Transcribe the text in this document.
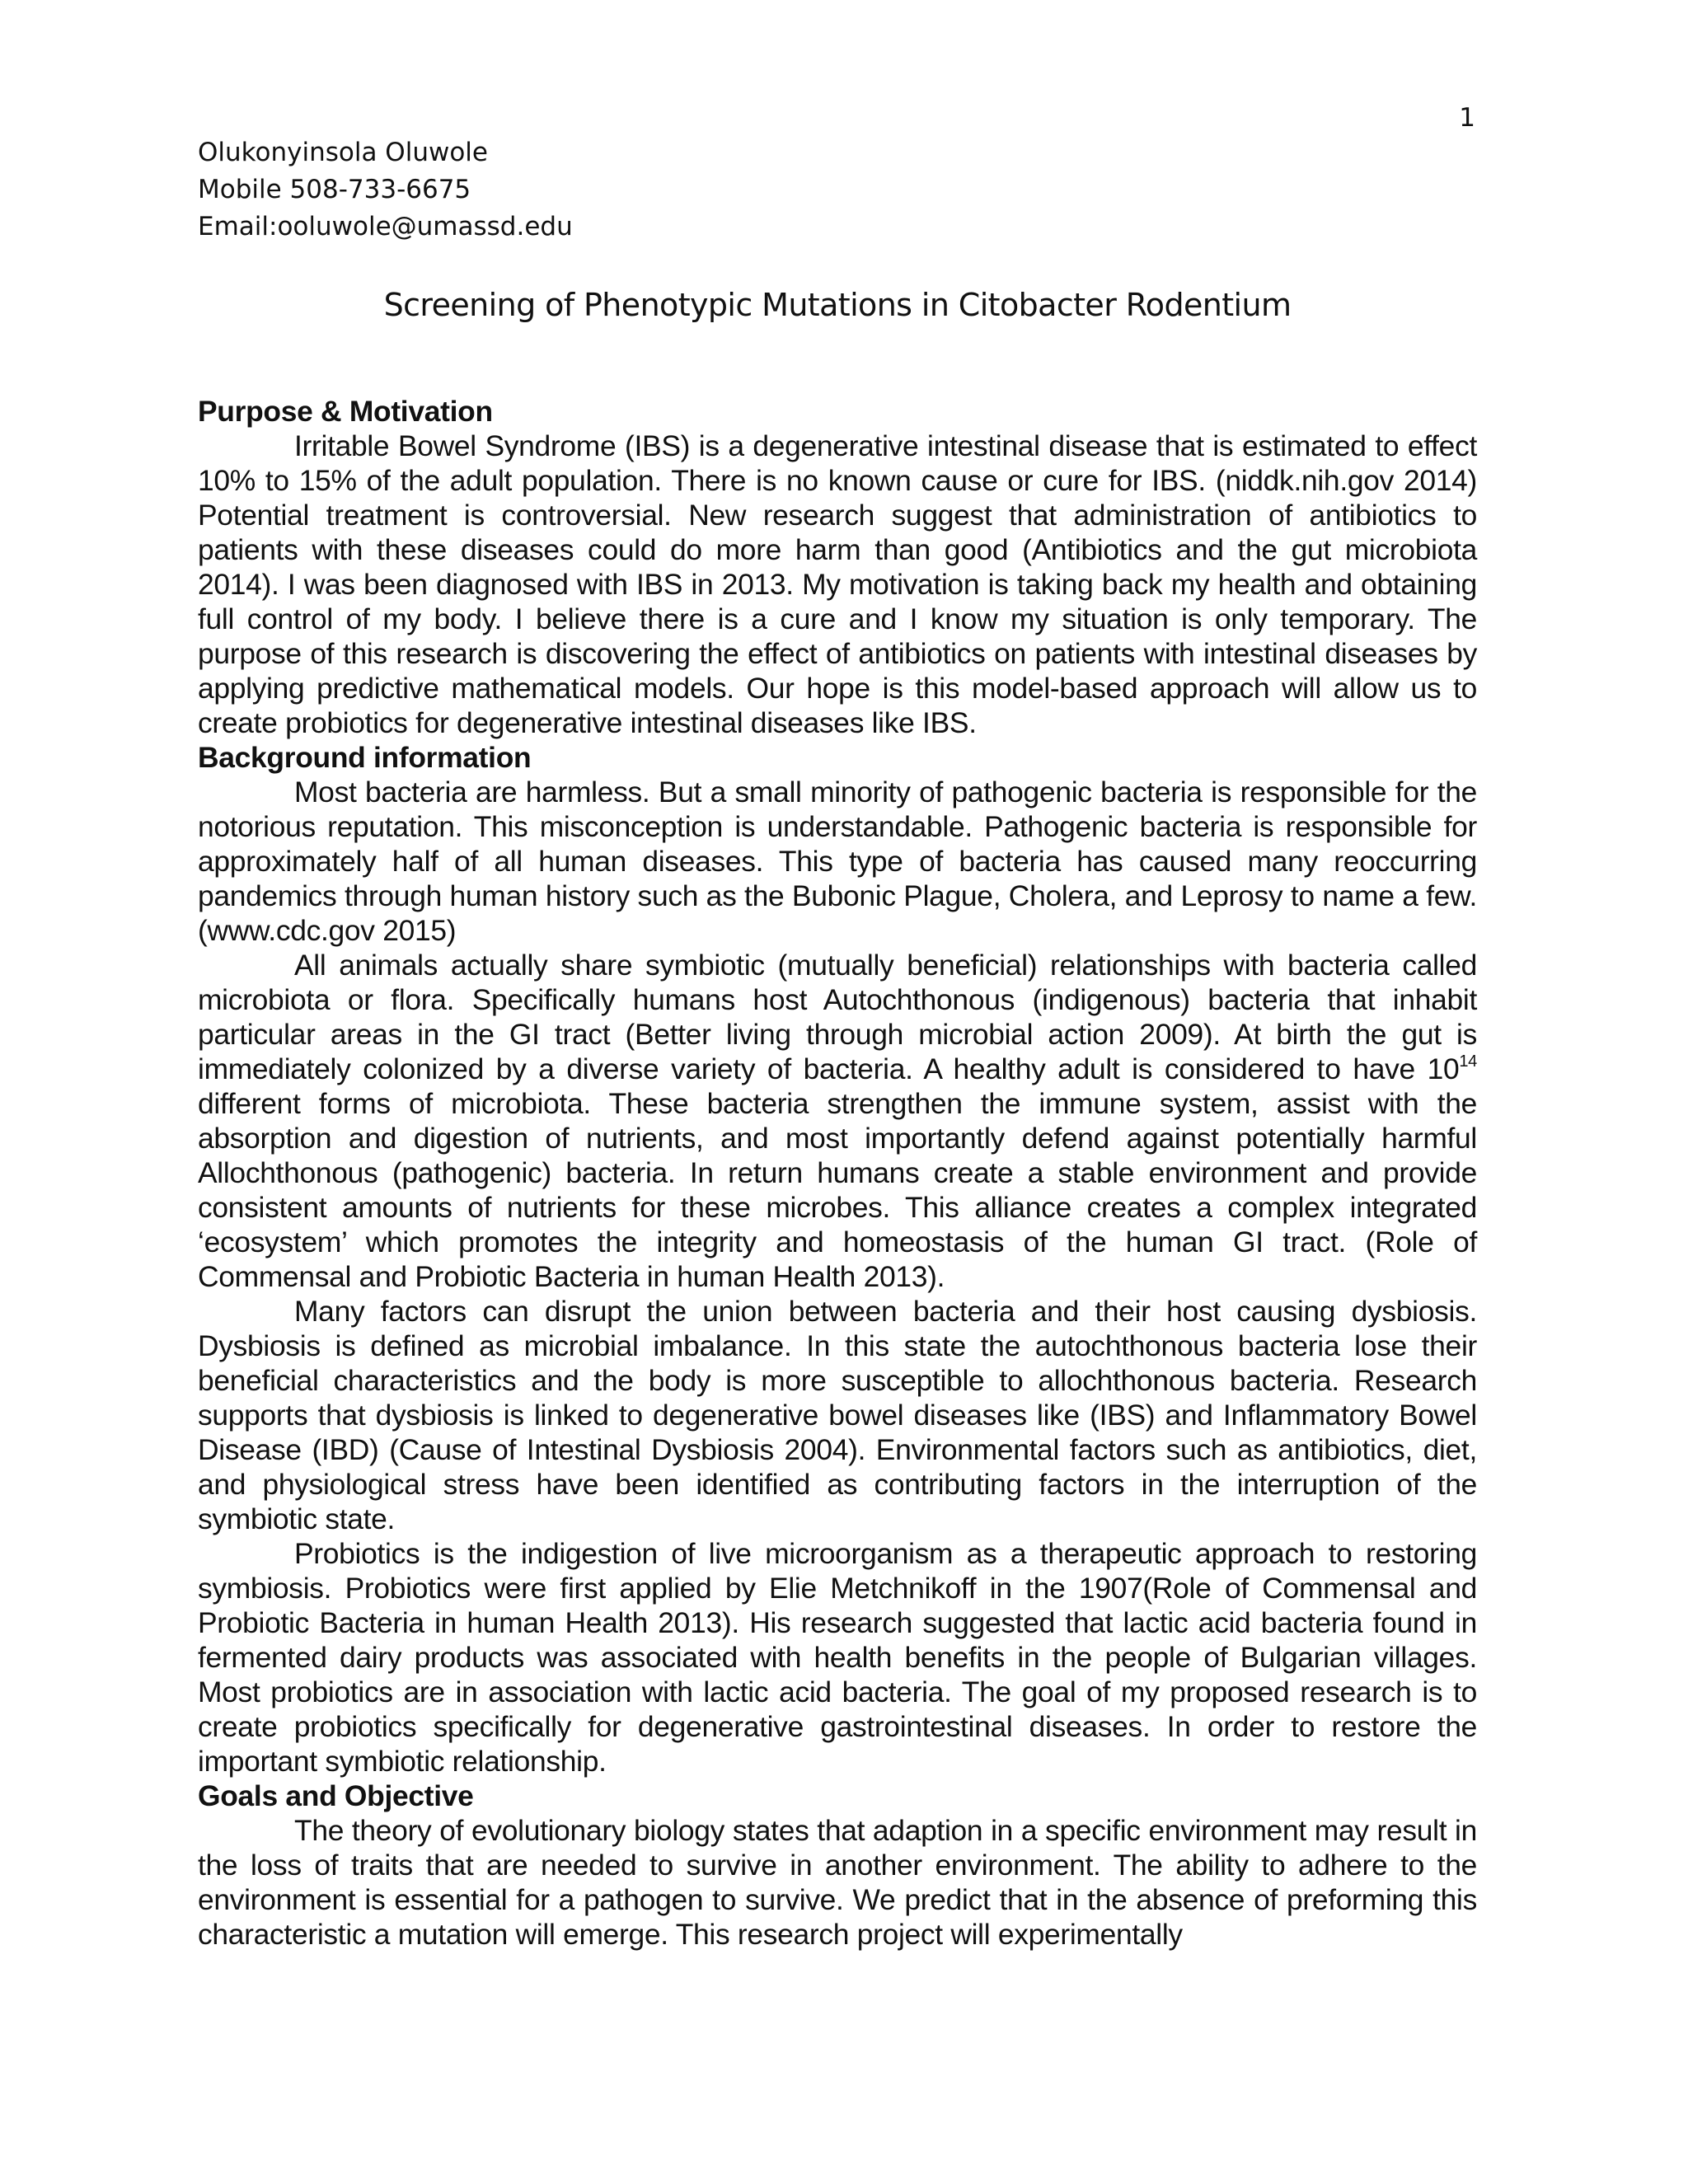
1
Olukonyinsola Oluwole
Mobile 508-733-6675
Email:ooluwole@umassd.edu
Screening of Phenotypic Mutations in Citobacter Rodentium
Purpose & Motivation

Irritable Bowel Syndrome (IBS) is a degenerative intestinal disease that is estimated to effect 10% to 15% of the adult population. There is no known cause or cure for IBS. (niddk.nih.gov 2014) Potential treatment is controversial. New research suggest that administration of antibiotics to patients with these diseases could do more harm than good (Antibiotics and the gut microbiota 2014). I was been diagnosed with IBS in 2013. My motivation is taking back my health and obtaining full control of my body. I believe there is a cure and I know my situation is only temporary. The purpose of this research is discovering the effect of antibiotics on patients with intestinal diseases by applying predictive mathematical models. Our hope is this model-based approach will allow us to create probiotics for degenerative intestinal diseases like IBS.

Background information

Most bacteria are harmless. But a small minority of pathogenic bacteria is responsible for the notorious reputation. This misconception is understandable. Pathogenic bacteria is responsible for approximately half of all human diseases. This type of bacteria has caused many reoccurring pandemics through human history such as the Bubonic Plague, Cholera, and Leprosy to name a few. (www.cdc.gov 2015)

All animals actually share symbiotic (mutually beneficial) relationships with bacteria called microbiota or flora. Specifically humans host Autochthonous (indigenous) bacteria that inhabit particular areas in the GI tract (Better living through microbial action 2009). At birth the gut is immediately colonized by a diverse variety of bacteria. A healthy adult is considered to have $10^{14}$ different forms of microbiota. These bacteria strengthen the immune system, assist with the absorption and digestion of nutrients, and most importantly defend against potentially harmful Allochthonous (pathogenic) bacteria. In return humans create a stable environment and provide consistent amounts of nutrients for these microbes. This alliance creates a complex integrated ‘ecosystem’ which promotes the integrity and homeostasis of the human GI tract. (Role of Commensal and Probiotic Bacteria in human Health 2013).

Many factors can disrupt the union between bacteria and their host causing dysbiosis. Dysbiosis is defined as microbial imbalance. In this state the autochthonous bacteria lose their beneficial characteristics and the body is more susceptible to allochthonous bacteria. Research supports that dysbiosis is linked to degenerative bowel diseases like (IBS) and Inflammatory Bowel Disease (IBD) (Cause of Intestinal Dysbiosis 2004). Environmental factors such as antibiotics, diet, and physiological stress have been identified as contributing factors in the interruption of the symbiotic state.

Probiotics is the indigestion of live microorganism as a therapeutic approach to restoring symbiosis. Probiotics were first applied by Elie Metchnikoff in the 1907(Role of Commensal and Probiotic Bacteria in human Health 2013). His research suggested that lactic acid bacteria found in fermented dairy products was associated with health benefits in the people of Bulgarian villages. Most probiotics are in association with lactic acid bacteria. The goal of my proposed research is to create probiotics specifically for degenerative gastrointestinal diseases. In order to restore the important symbiotic relationship.

Goals and Objective

The theory of evolutionary biology states that adaption in a specific environment may result in the loss of traits that are needed to survive in another environment. The ability to adhere to the environment is essential for a pathogen to survive. We predict that in the absence of preforming this characteristic a mutation will emerge. This research project will experimentally
